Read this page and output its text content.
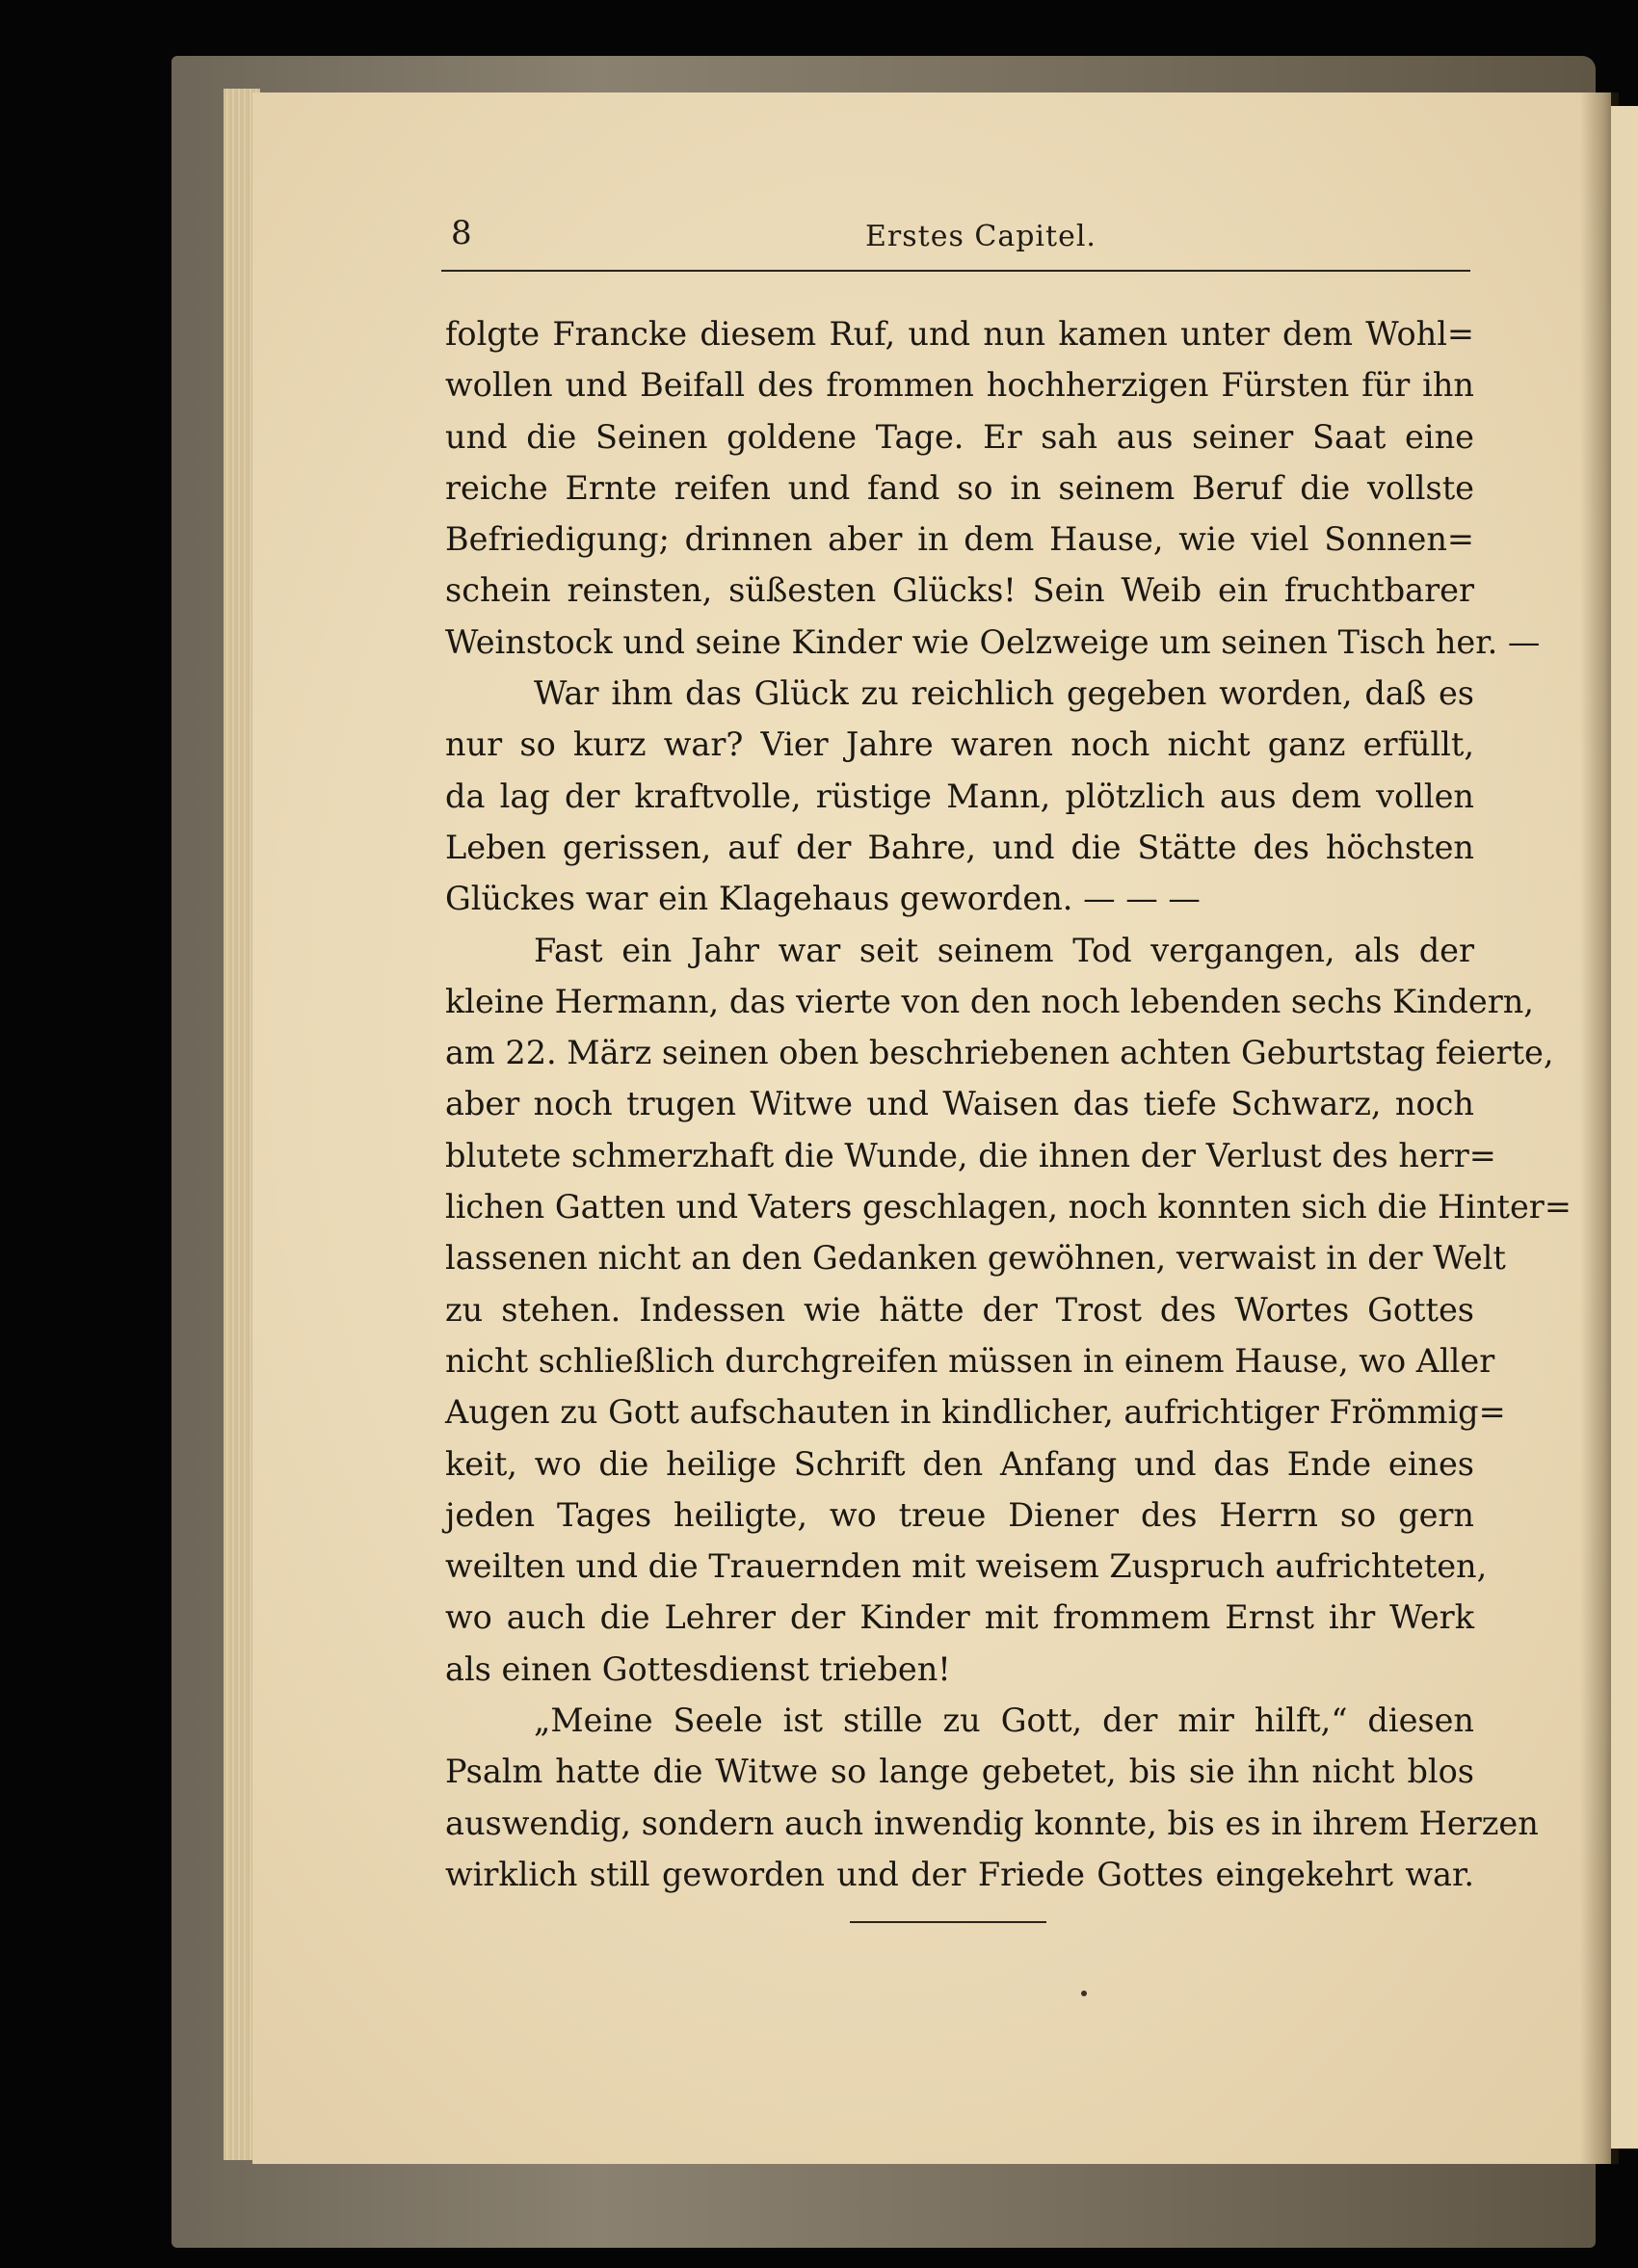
8	Erstes Capitel.
folgte Francke diesem Ruf, und nun kamen unter dem Wohl=
wollen und Beifall des frommen hochherzigen Fürsten für ihn
und die Seinen goldene Tage. Er sah aus seiner Saat eine
reiche Ernte reifen und fand so in seinem Beruf die vollste
Befriedigung; drinnen aber in dem Hause, wie viel Sonnen=
schein reinsten, süßesten Glücks! Sein Weib ein fruchtbarer
Weinstock und seine Kinder wie Oelzweige um seinen Tisch her. —
War ihm das Glück zu reichlich gegeben worden, daß es
nur so kurz war? Vier Jahre waren noch nicht ganz erfüllt,
da lag der kraftvolle, rüstige Mann, plötzlich aus dem vollen
Leben gerissen, auf der Bahre, und die Stätte des höchsten
Glückes war ein Klagehaus geworden. — — —
Fast ein Jahr war seit seinem Tod vergangen, als der
kleine Hermann, das vierte von den noch lebenden sechs Kindern,
am 22. März seinen oben beschriebenen achten Geburtstag feierte,
aber noch trugen Witwe und Waisen das tiefe Schwarz, noch
blutete schmerzhaft die Wunde, die ihnen der Verlust des herr=
lichen Gatten und Vaters geschlagen, noch konnten sich die Hinter=
lassenen nicht an den Gedanken gewöhnen, verwaist in der Welt
zu stehen. Indessen wie hätte der Trost des Wortes Gottes
nicht schließlich durchgreifen müssen in einem Hause, wo Aller
Augen zu Gott aufschauten in kindlicher, aufrichtiger Frömmig=
keit, wo die heilige Schrift den Anfang und das Ende eines
jeden Tages heiligte, wo treue Diener des Herrn so gern
weilten und die Trauernden mit weisem Zuspruch aufrichteten,
wo auch die Lehrer der Kinder mit frommem Ernst ihr Werk
als einen Gottesdienst trieben!
„Meine Seele ist stille zu Gott, der mir hilft,“ diesen
Psalm hatte die Witwe so lange gebetet, bis sie ihn nicht blos
auswendig, sondern auch inwendig konnte, bis es in ihrem Herzen
wirklich still geworden und der Friede Gottes eingekehrt war.
